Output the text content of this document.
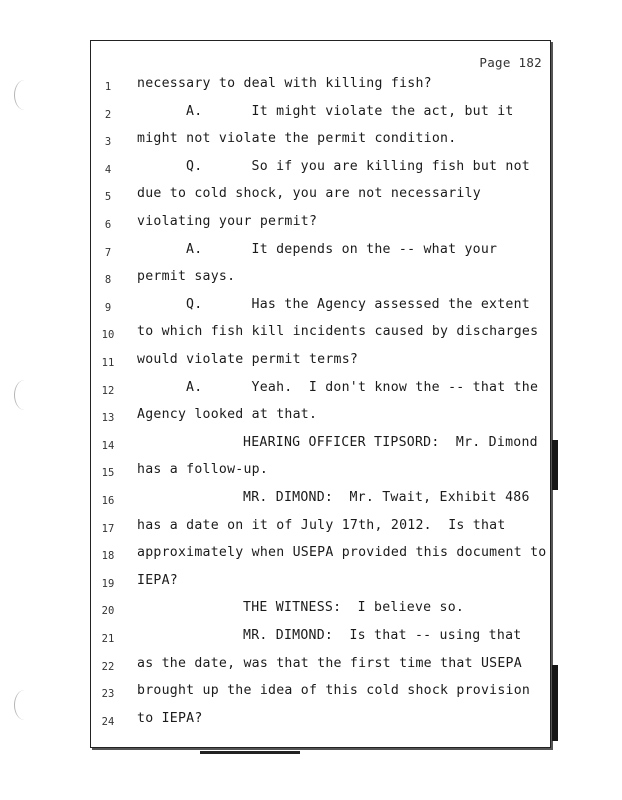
Page 182
1 necessary to deal with killing fish?
2	A.      It might violate the act, but it
3 might not violate the permit condition.
4	Q.      So if you are killing fish but not
5 due to cold shock, you are not necessarily
6 violating your permit?
7	A.      It depends on the -- what your
8 permit says.
9	Q.      Has the Agency assessed the extent
10 to which fish kill incidents caused by discharges
11 would violate permit terms?
12	A.      Yeah.  I don't know the -- that the
13 Agency looked at that.
14	HEARING OFFICER TIPSORD:  Mr. Dimond
15 has a follow-up.
16	MR. DIMOND:  Mr. Twait, Exhibit 486
17 has a date on it of July 17th, 2012.  Is that
18 approximately when USEPA provided this document to
19 IEPA?
20	THE WITNESS:  I believe so.
21	MR. DIMOND:  Is that -- using that
22 as the date, was that the first time that USEPA
23 brought up the idea of this cold shock provision
24 to IEPA?
